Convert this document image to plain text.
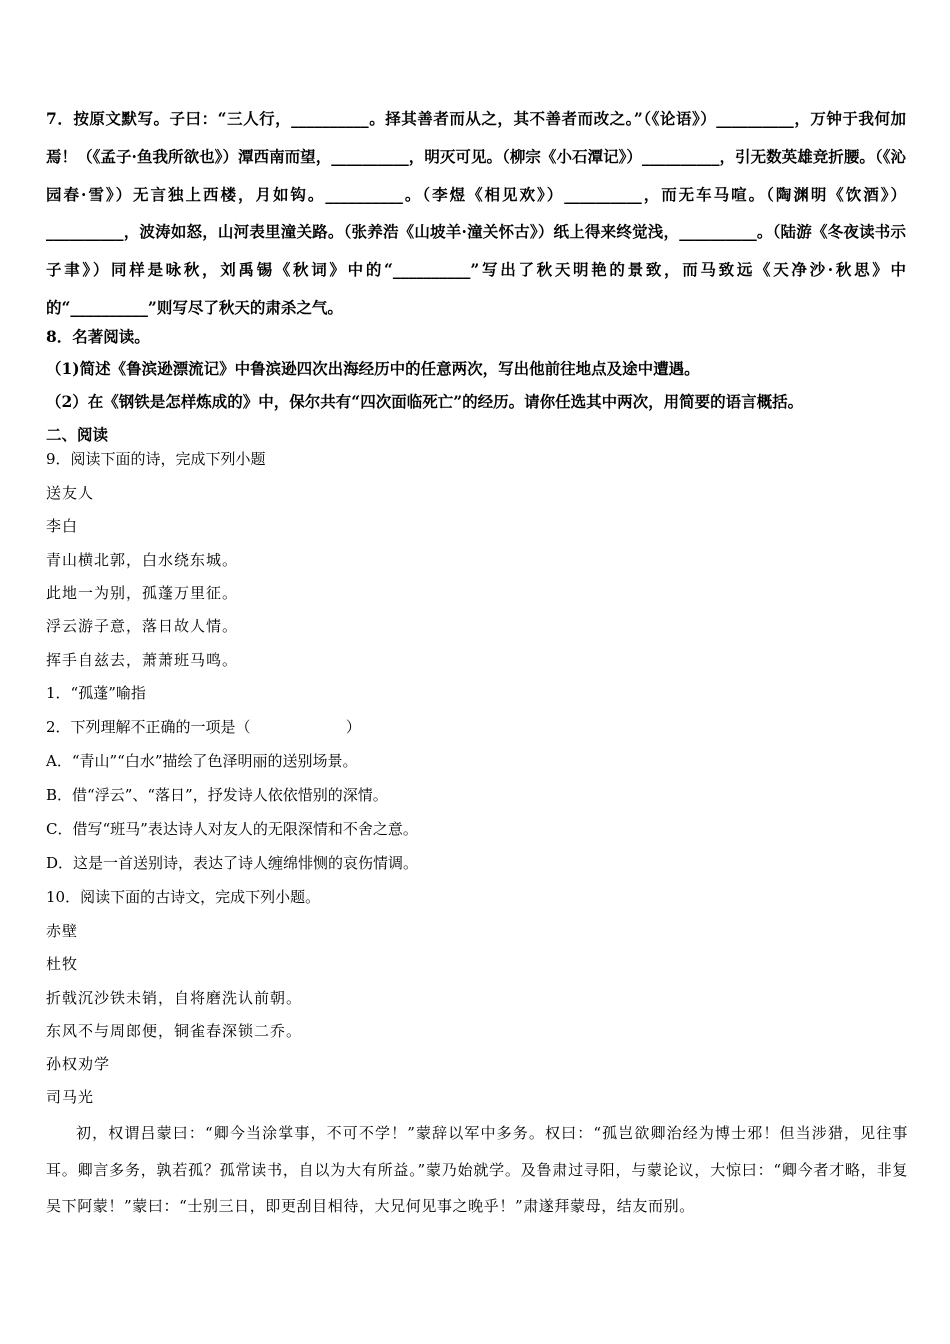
7．按原文默写。子曰：“三人行，__________。择其善者而从之，其不善者而改之。”（《论语》）__________，万钟于我何加焉！（《孟子·鱼我所欲也》）潭西南而望，__________，明灭可见。（柳宗《小石潭记》）__________，引无数英雄竞折腰。（《沁园春·雪》）无言独上西楼，月如钩。__________。（李煜《相见欢》）__________，而无车马喧。（陶渊明《饮酒》）__________，波涛如怒，山河表里潼关路。（张养浩《山坡羊·潼关怀古》）纸上得来终觉浅，__________。（陆游《冬夜读书示子聿》）同样是咏秋，刘禹锡《秋词》中的“__________”写出了秋天明艳的景致，而马致远《天净沙·秋思》中的“__________”则写尽了秋天的肃杀之气。
8．名著阅读。
（1)简述《鲁滨逊漂流记》中鲁滨逊四次出海经历中的任意两次，写出他前往地点及途中遭遇。
（2）在《钢铁是怎样炼成的》中，保尔共有“四次面临死亡”的经历。请你任选其中两次，用简要的语言概括。
二、阅读
9．阅读下面的诗，完成下列小题
送友人
李白
青山横北郭，白水绕东城。
此地一为别，孤蓬万里征。
浮云游子意，落日故人情。
挥手自兹去，萧萧班马鸣。
1．“孤蓬”喻指
2．下列理解不正确的一项是（                    ）
A．“青山”“白水”描绘了色泽明丽的送别场景。
B．借“浮云”、“落日”，抒发诗人依依惜别的深情。
C．借写“班马”表达诗人对友人的无限深情和不舍之意。
D．这是一首送别诗，表达了诗人缠绵悱恻的哀伤情调。
10．阅读下面的古诗文，完成下列小题。
赤壁
杜牧
折戟沉沙铁未销，自将磨洗认前朝。
东风不与周郎便，铜雀春深锁二乔。
孙权劝学
司马光
初，权谓吕蒙曰：“卿今当涂掌事，不可不学！”蒙辞以军中多务。权曰：“孤岂欲卿治经为博士邪！但当涉猎，见往事耳。卿言多务，孰若孤？孤常读书，自以为大有所益。”蒙乃始就学。及鲁肃过寻阳，与蒙论议，大惊曰：“卿今者才略，非复吴下阿蒙！”蒙曰：“士别三日，即更刮目相待，大兄何见事之晚乎！”肃遂拜蒙母，结友而别。
